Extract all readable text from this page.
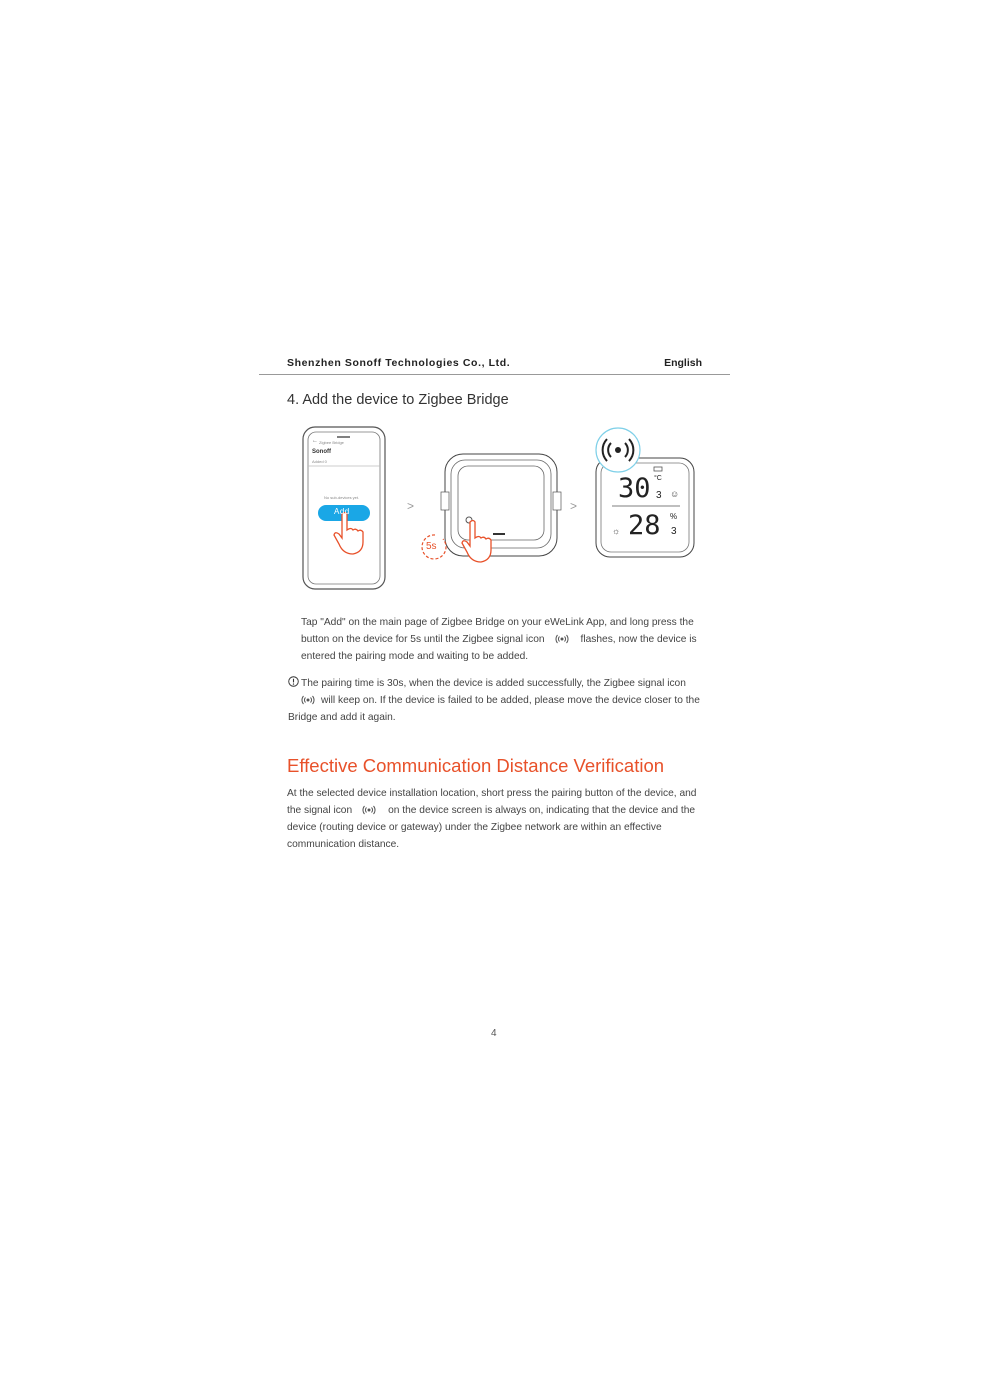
Shenzhen Sonoff Technologies Co., Ltd.	English
4. Add the device to Zigbee Bridge
Zigbee Bridge
←
Sonoff
Added 0
No sub-devices yet.
Add	>
5s
>
30 °C
3
28 %
3
☼
☺
Tap "Add" on the main page of Zigbee Bridge on your eWeLink App, and long press the button on the device for 5s until the Zigbee signal icon	flashes, now the device is entered the pairing mode and waiting to be added.
The pairing time is 30s, when the device is added successfully, the Zigbee signal icon
will keep on. If the device is failed to be added, please move the device closer to the Bridge and add it again.
Effective Communication Distance Verification
At the selected device installation location, short press the pairing button of the device, and the signal icon	on the device screen is always on, indicating that the device and the device (routing device or gateway) under the Zigbee network are within an effective communication distance.
4
